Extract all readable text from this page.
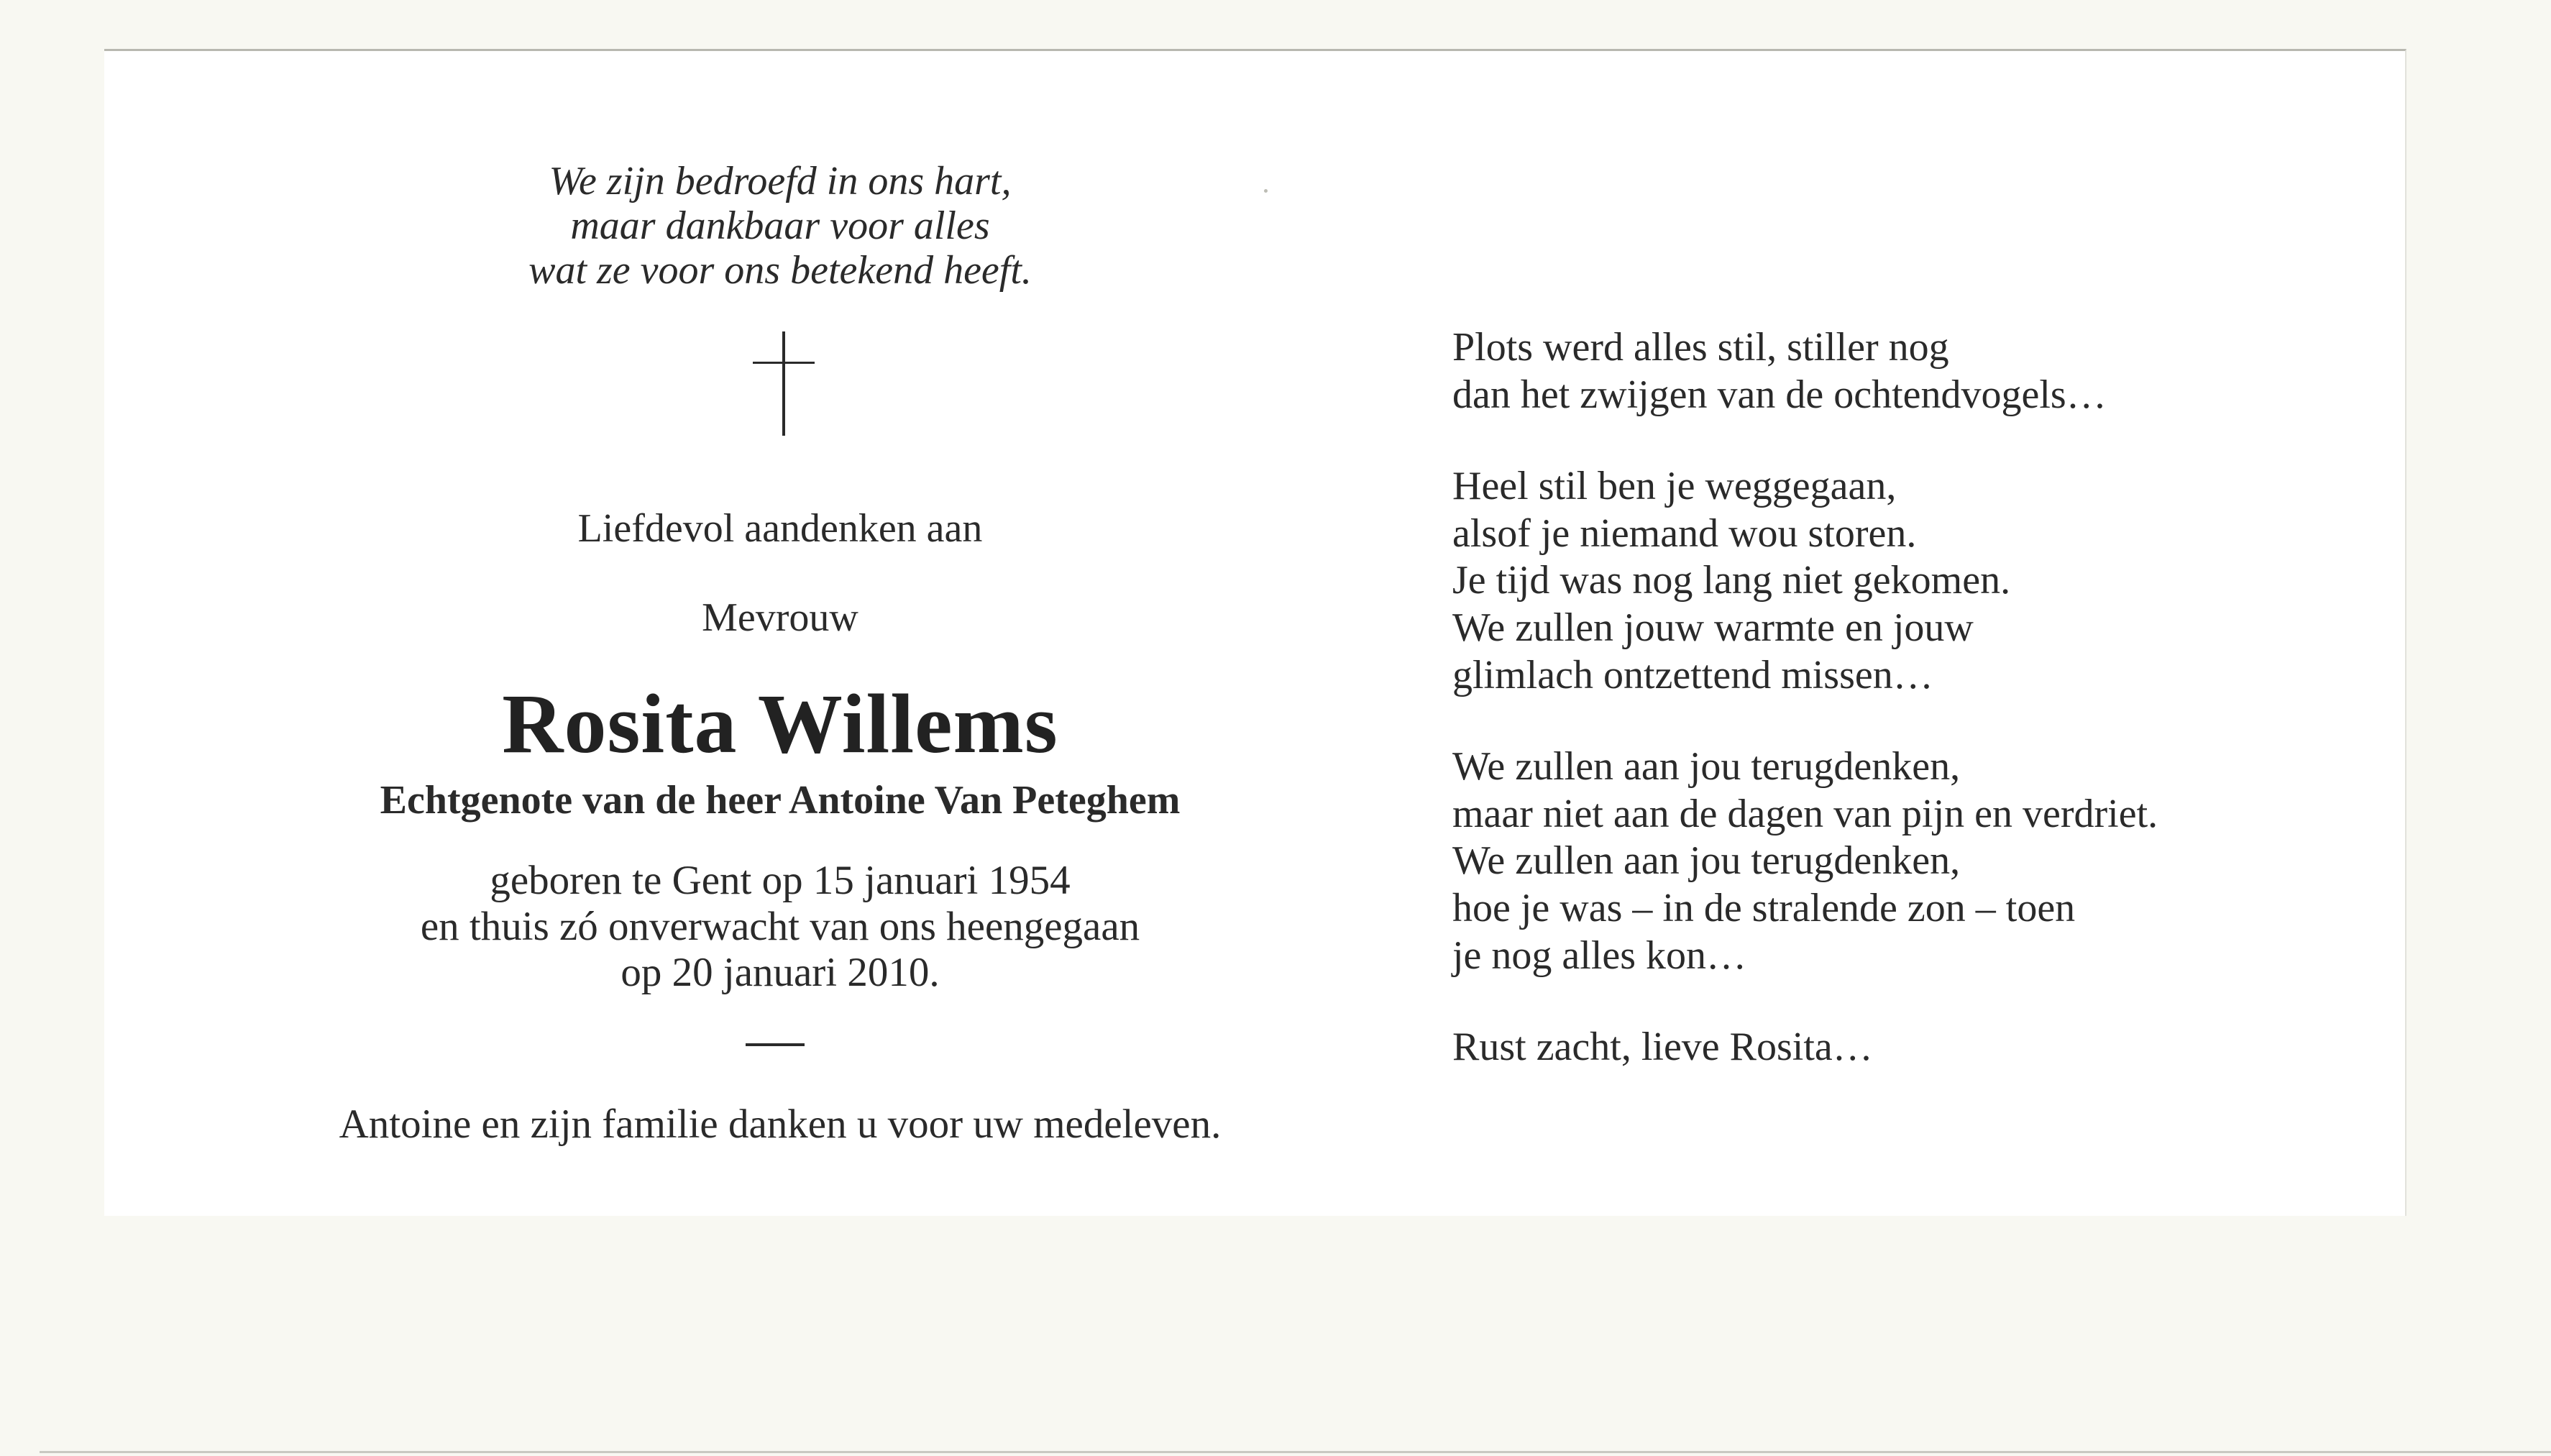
We zijn bedroefd in ons hart,
maar dankbaar voor alles
wat ze voor ons betekend heeft.
Liefdevol aandenken aan
Mevrouw
Rosita Willems
Echtgenote van de heer Antoine Van Peteghem
geboren te Gent op 15 januari 1954
en thuis zó onverwacht van ons heengegaan
op 20 januari 2010.
Antoine en zijn familie danken u voor uw medeleven.
Plots werd alles stil, stiller nog
dan het zwijgen van de ochtendvogels…
Heel stil ben je weggegaan,
alsof je niemand wou storen.
Je tijd was nog lang niet gekomen.
We zullen jouw warmte en jouw
glimlach ontzettend missen…
We zullen aan jou terugdenken,
maar niet aan de dagen van pijn en verdriet.
We zullen aan jou terugdenken,
hoe je was – in de stralende zon – toen
je nog alles kon…
Rust zacht, lieve Rosita…
